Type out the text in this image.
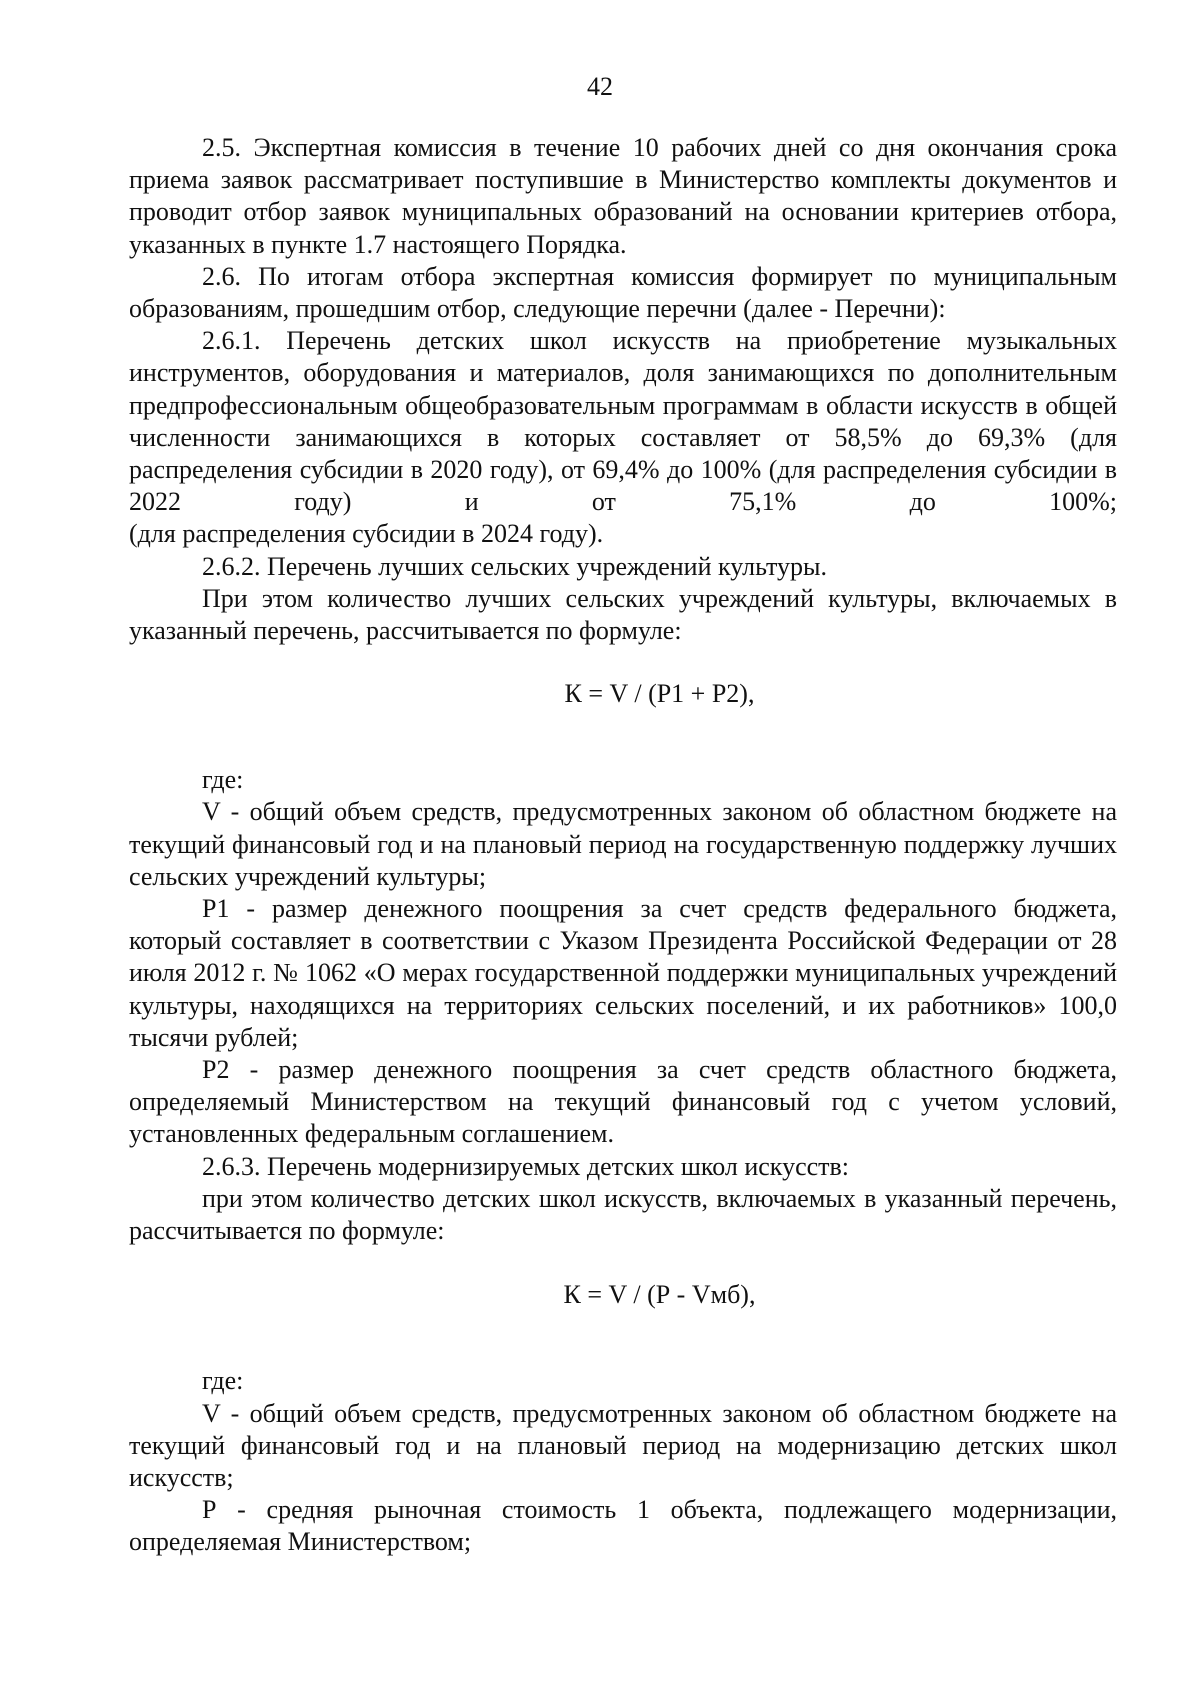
42

2.5. Экспертная комиссия в течение 10 рабочих дней со дня окончания срока приема заявок рассматривает поступившие в Министерство комплекты документов и проводит отбор заявок муниципальных образований на основании критериев отбора, указанных в пункте 1.7 настоящего Порядка.

2.6. По итогам отбора экспертная комиссия формирует по муниципальным образованиям, прошедшим отбор, следующие перечни (далее - Перечни):

2.6.1. Перечень детских школ искусств на приобретение музыкальных инструментов, оборудования и материалов, доля занимающихся по дополнительным предпрофессиональным общеобразовательным программам в области искусств в общей численности занимающихся в которых составляет от 58,5% до 69,3% (для распределения субсидии в 2020 году), от 69,4% до 100% (для распределения субсидии в 2022 году) и от 75,1% до 100%;

(для распределения субсидии в 2024 году).

2.6.2. Перечень лучших сельских учреждений культуры.

При этом количество лучших сельских учреждений культуры, включаемых в указанный перечень, рассчитывается по формуле:

К = V / (Р1 + Р2),

где:

V - общий объем средств, предусмотренных законом об областном бюджете на текущий финансовый год и на плановый период на государственную поддержку лучших сельских учреждений культуры;

Р1 - размер денежного поощрения за счет средств федерального бюджета, который составляет в соответствии с Указом Президента Российской Федерации от 28 июля 2012 г. № 1062 «О мерах государственной поддержки муниципальных учреждений культуры, находящихся на территориях сельских поселений, и их работников» 100,0 тысячи рублей;

Р2 - размер денежного поощрения за счет средств областного бюджета, определяемый Министерством на текущий финансовый год с учетом условий, установленных федеральным соглашением.

2.6.3. Перечень модернизируемых детских школ искусств:

при этом количество детских школ искусств, включаемых в указанный перечень, рассчитывается по формуле:

К = V / (Р - Vмб),

где:

V - общий объем средств, предусмотренных законом об областном бюджете на текущий финансовый год и на плановый период на модернизацию детских школ искусств;

Р - средняя рыночная стоимость 1 объекта, подлежащего модернизации, определяемая Министерством;
